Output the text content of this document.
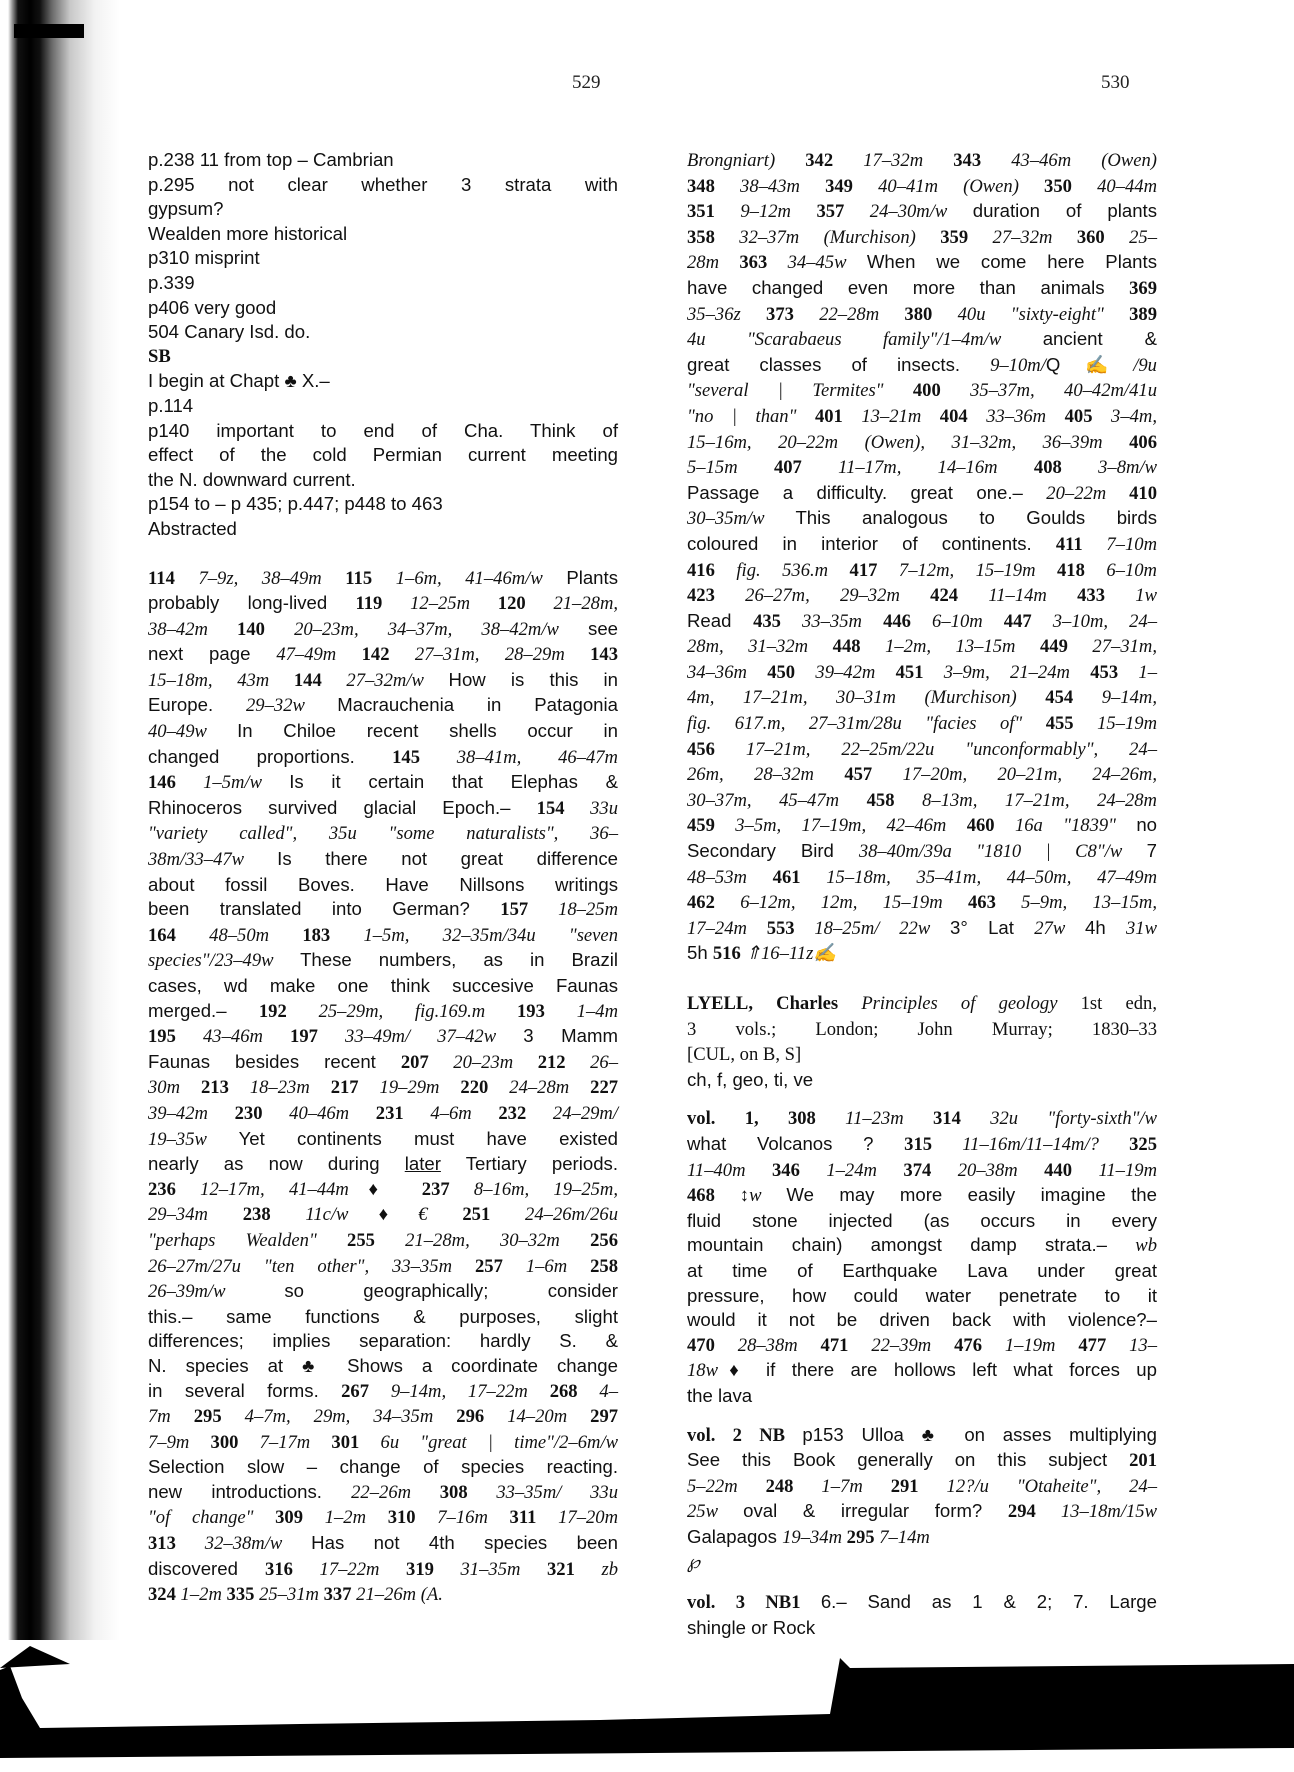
529	530
p.238 11 from top – Cambrian
p.295 not clear whether 3 strata with
gypsum?
Wealden more historical
p310 misprint
p.339
p406 very good
504 Canary Isd. do.
SB
I begin at Chapt ♣ X.–
p.114
p140 important to end of Cha. Think of
effect of the cold Permian current meeting
the N. downward current.
p154 to – p 435; p.447; p448 to 463
Abstracted
114 7–9z, 38–49m 115 1–6m, 41–46m/w Plants
probably long-lived 119 12–25m 120 21–28m,
38–42m 140 20–23m, 34–37m, 38–42m/w see
next page 47–49m 142 27–31m, 28–29m 143
15–18m, 43m 144 27–32m/w How is this in
Europe. 29–32w Macrauchenia in Patagonia
40–49w In Chiloe recent shells occur in
changed proportions. 145 38–41m, 46–47m
146 1–5m/w Is it certain that Elephas &
Rhinoceros survived glacial Epoch.– 154 33u
"variety called", 35u "some naturalists", 36–
38m/33–47w Is there not great difference
about fossil Boves. Have Nillsons writings
been translated into German? 157 18–25m
164 48–50m 183 1–5m, 32–35m/34u "seven
species"/23–49w These numbers, as in Brazil
cases, wd make one think succesive Faunas
merged.– 192 25–29m, fig.169.m 193 1–4m
195 43–46m 197 33–49m/ 37–42w 3 Mamm
Faunas besides recent 207 20–23m 212 26–
30m 213 18–23m 217 19–29m 220 24–28m 227
39–42m 230 40–46m 231 4–6m 232 24–29m/
19–35w Yet continents must have existed
nearly as now during later Tertiary periods.
236 12–17m, 41–44m♦ 237 8–16m, 19–25m,
29–34m 238 11c/w♦€ 251 24–26m/26u
"perhaps Wealden" 255 21–28m, 30–32m 256
26–27m/27u "ten other", 33–35m 257 1–6m 258
26–39m/w so geographically; consider
this.– same functions & purposes, slight
differences; implies separation: hardly S. &
N. species at ♣ Shows a coordinate change
in several forms. 267 9–14m, 17–22m 268 4–
7m 295 4–7m, 29m, 34–35m 296 14–20m 297
7–9m 300 7–17m 301 6u "great | time"/2–6m/w
Selection slow – change of species reacting.
new introductions. 22–26m 308 33–35m/ 33u
"of change" 309 1–2m 310 7–16m 311 17–20m
313 32–38m/w Has not 4th species been
discovered 316 17–22m 319 31–35m 321 zb
324 1–2m 335 25–31m 337 21–26m (A.
Brongniart) 342 17–32m 343 43–46m (Owen)
348 38–43m 349 40–41m (Owen) 350 40–44m
351 9–12m 357 24–30m/w duration of plants
358 32–37m (Murchison) 359 27–32m 360 25–
28m 363 34–45w When we come here Plants
have changed even more than animals 369
35–36z 373 22–28m 380 40u "sixty-eight" 389
4u "Scarabaeus family"/1–4m/w ancient &
great classes of insects. 9–10m/Q✍/9u
"several | Termites" 400 35–37m, 40–42m/41u
"no | than" 401 13–21m 404 33–36m 405 3–4m,
15–16m, 20–22m (Owen), 31–32m, 36–39m 406
5–15m 407 11–17m, 14–16m 408 3–8m/w
Passage a difficulty. great one.– 20–22m 410
30–35m/w This analogous to Goulds birds
coloured in interior of continents. 411 7–10m
416 fig. 536.m 417 7–12m, 15–19m 418 6–10m
423 26–27m, 29–32m 424 11–14m 433 1w
Read 435 33–35m 446 6–10m 447 3–10m, 24–
28m, 31–32m 448 1–2m, 13–15m 449 27–31m,
34–36m 450 39–42m 451 3–9m, 21–24m 453 1–
4m, 17–21m, 30–31m (Murchison) 454 9–14m,
fig. 617.m, 27–31m/28u "facies of" 455 15–19m
456 17–21m, 22–25m/22u "unconformably", 24–
26m, 28–32m 457 17–20m, 20–21m, 24–26m,
30–37m, 45–47m 458 8–13m, 17–21m, 24–28m
459 3–5m, 17–19m, 42–46m 460 16a "1839" no
Secondary Bird 38–40m/39a "1810 | C8"/w 7
48–53m 461 15–18m, 35–41m, 44–50m, 47–49m
462 6–12m, 12m, 15–19m 463 5–9m, 13–15m,
17–24m 553 18–25m/ 22w 3° Lat 27w 4h 31w
5h 516 ⇑16–11z✍
LYELL, Charles Principles of geology 1st edn,
3 vols.; London; John Murray; 1830–33
[CUL, on B, S]
ch, f, geo, ti, ve
vol. 1, 308 11–23m 314 32u "forty-sixth"/w
what Volcanos ? 315 11–16m/11–14m/? 325
11–40m 346 1–24m 374 20–38m 440 11–19m
468 ↕w We may more easily imagine the
fluid stone injected (as occurs in every
mountain chain) amongst damp strata.– wb
at time of Earthquake Lava under great
pressure, how could water penetrate to it
would it not be driven back with violence?–
470 28–38m 471 22–39m 476 1–19m 477 13–
18w♦ if there are hollows left what forces up
the lava
vol. 2 NB p153 Ulloa ♣ on asses multiplying
See this Book generally on this subject 201
5–22m 248 1–7m 291 12?/u "Otaheite", 24–
25w oval & irregular form? 294 13–18m/15w
Galapagos 19–34m 295 7–14m
℘
vol. 3 NB1 6.– Sand as 1 & 2; 7. Large
shingle or Rock
